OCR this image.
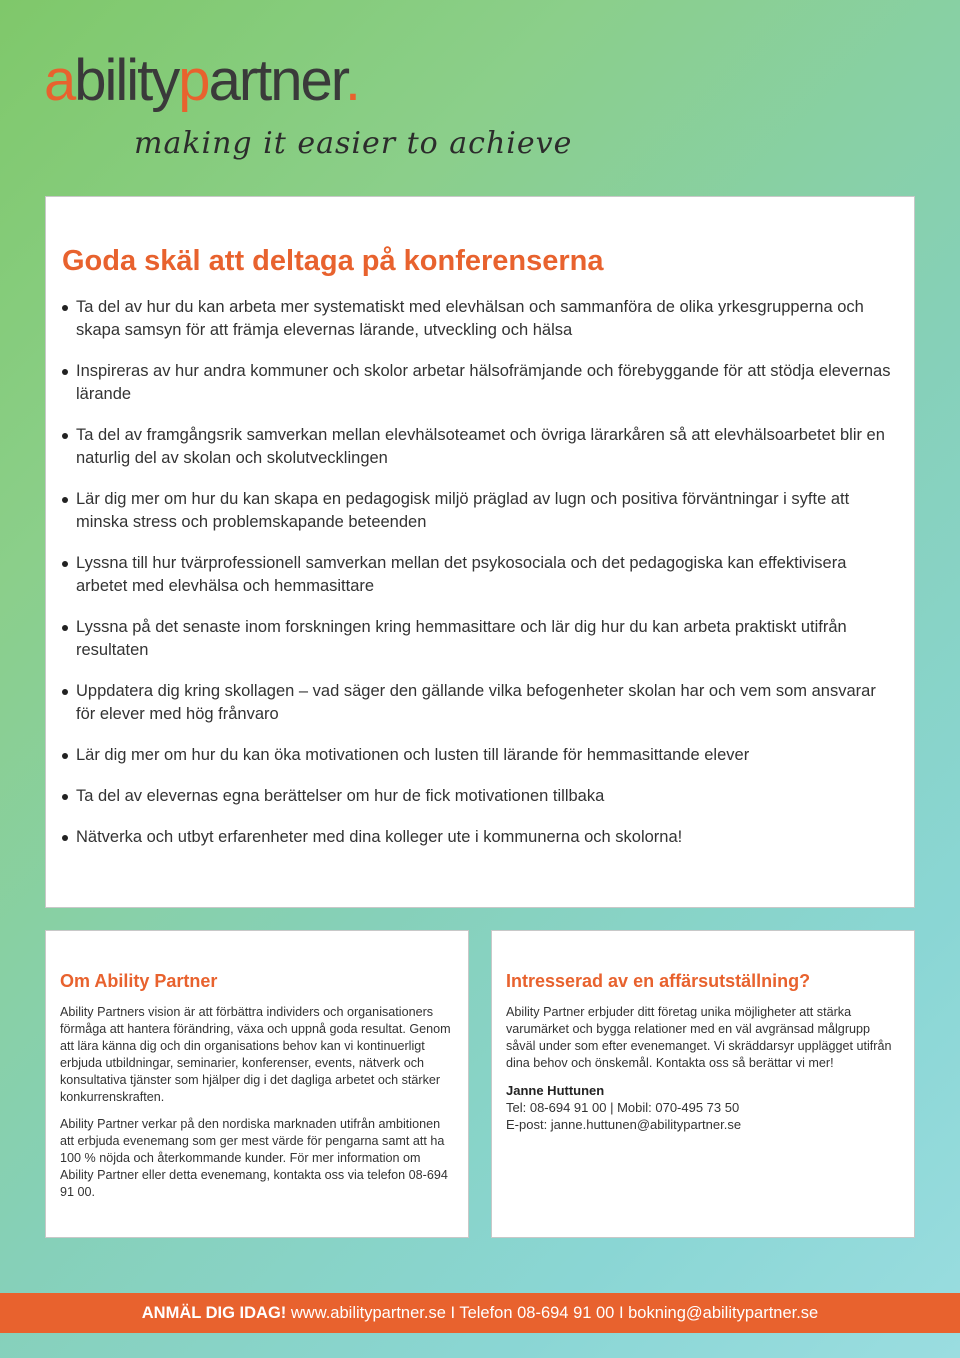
abilitypartner.
making it easier to achieve
Goda skäl att deltaga på konferenserna
Ta del av hur du kan arbeta mer systematiskt med elevhälsan och sammanföra de olika yrkesgrupperna och skapa samsyn för att främja elevernas lärande, utveckling och hälsa
Inspireras av hur andra kommuner och skolor arbetar hälsofrämjande och förebyggande för att stödja elevernas lärande
Ta del av framgångsrik samverkan mellan elevhälsoteamet och övriga lärarkåren så att elevhälsoarbetet blir en naturlig del av skolan och skolutvecklingen
Lär dig mer om hur du kan skapa en pedagogisk miljö präglad av lugn och positiva förväntningar i syfte att minska stress och problemskapande beteenden
Lyssna till hur tvärprofessionell samverkan mellan det psykosociala och det pedagogiska kan effektivisera arbetet med elevhälsa och hemmasittare
Lyssna på det senaste inom forskningen kring hemmasittare och lär dig hur du kan arbeta praktiskt utifrån resultaten
Uppdatera dig kring skollagen – vad säger den gällande vilka befogenheter skolan har och vem som ansvarar för elever med hög frånvaro
Lär dig mer om hur du kan öka motivationen och lusten till lärande för hemmasittande elever
Ta del av elevernas egna berättelser om hur de fick motivationen tillbaka
Nätverka och utbyt erfarenheter med dina kolleger ute i kommunerna och skolorna!
Om Ability Partner

Ability Partners vision är att förbättra individers och organisationers förmåga att hantera förändring, växa och uppnå goda resultat. Genom att lära känna dig och din organisations behov kan vi kontinuerligt erbjuda utbildningar, seminarier, konferenser, events, nätverk och konsultativa tjänster som hjälper dig i det dagliga arbetet och stärker konkurrenskraften.

Ability Partner verkar på den nordiska marknaden utifrån ambitionen att erbjuda evenemang som ger mest värde för pengarna samt att ha 100 % nöjda och återkommande kunder. För mer information om Ability Partner eller detta evenemang, kontakta oss via telefon 08-694 91 00.

Intresserad av en affärsutställning?

Ability Partner erbjuder ditt företag unika möjligheter att stärka varumärket och bygga relationer med en väl avgränsad målgrupp såväl under som efter evenemanget. Vi skräddarsyr upplägget utifrån dina behov och önskemål. Kontakta oss så berättar vi mer!

Janne Huttunen
Tel: 08-694 91 00 | Mobil: 070-495 73 50
E-post: janne.huttunen@abilitypartner.se
ANMÄL DIG IDAG! www.abilitypartner.se I Telefon 08-694 91 00 I bokning@abilitypartner.se
